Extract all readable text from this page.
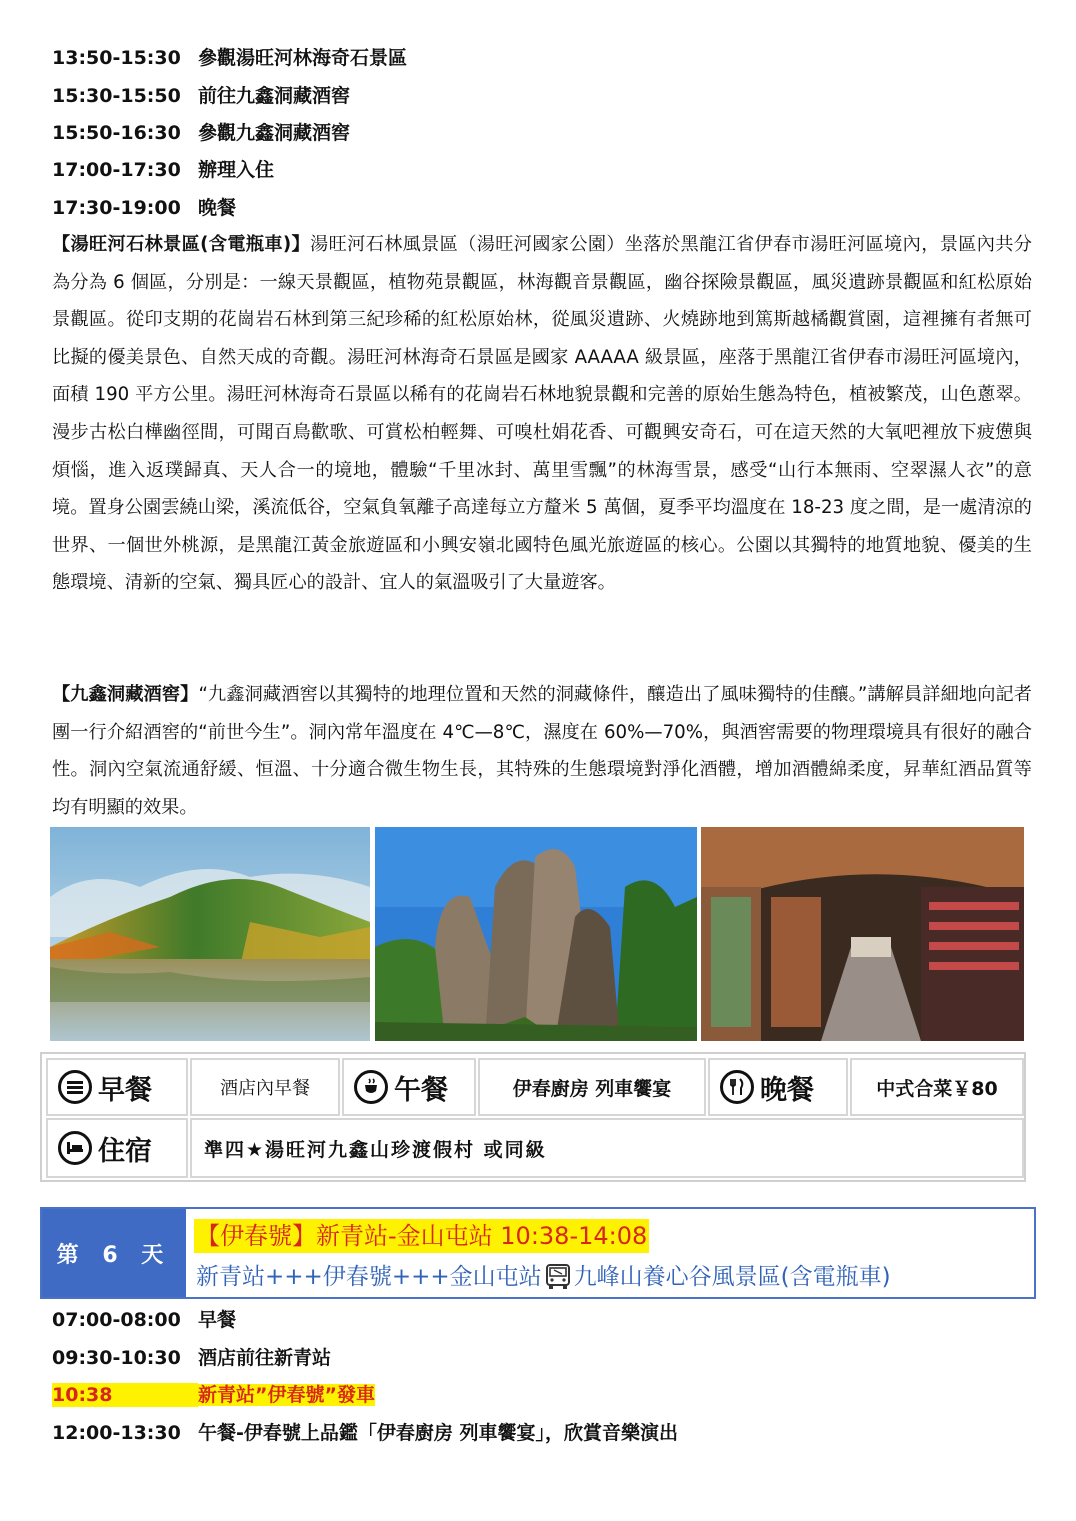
13:50-15:30 參觀湯旺河林海奇石景區
15:30-15:50 前往九鑫洞藏酒窖
15:50-16:30 參觀九鑫洞藏酒窖
17:00-17:30 辦理入住
17:30-19:00 晚餐
【湯旺河石林景區(含電瓶車)】湯旺河石林風景區（湯旺河國家公園）坐落於黑龍江省伊春市湯旺河區境內，景區內共分為分為 6 個區，分別是：一線天景觀區，植物苑景觀區，林海觀音景觀區，幽谷探險景觀區，風災遺跡景觀區和紅松原始景觀區。從印支期的花崗岩石林到第三紀珍稀的紅松原始林，從風災遺跡、火燒跡地到篤斯越橘觀賞園，這裡擁有者無可比擬的優美景色、自然天成的奇觀。湯旺河林海奇石景區是國家 AAAAA 級景區，座落于黑龍江省伊春市湯旺河區境內，面積 190 平方公里。湯旺河林海奇石景區以稀有的花崗岩石林地貌景觀和完善的原始生態為特色，植被繁茂，山色蔥翠。漫步古松白樺幽徑間，可聞百鳥歡歌、可賞松柏輕舞、可嗅杜娟花香、可觀興安奇石，可在這天然的大氧吧裡放下疲憊與煩惱，進入返璞歸真、天人合一的境地，體驗“千里冰封、萬里雪飄”的林海雪景，感受“山行本無雨、空翠濕人衣”的意境。置身公園雲繞山梁，溪流低谷，空氣負氧離子高達每立方釐米 5 萬個，夏季平均溫度在 18-23 度之間，是一處清涼的世界、一個世外桃源，是黑龍江黃金旅遊區和小興安嶺北國特色風光旅遊區的核心。公園以其獨特的地質地貌、優美的生態環境、清新的空氣、獨具匠心的設計、宜人的氣溫吸引了大量遊客。
【九鑫洞藏酒窖】“九鑫洞藏酒窖以其獨特的地理位置和天然的洞藏條件，釀造出了風味獨特的佳釀。”講解員詳細地向記者團一行介紹酒窖的“前世今生”。洞內常年溫度在 4℃—8℃，濕度在 60%—70%，與酒窖需要的物理環境具有很好的融合性。洞內空氣流通舒緩、恒溫、十分適合微生物生長，其特殊的生態環境對淨化酒體，增加酒體綿柔度，昇華紅酒品質等均有明顯的效果。
早餐	酒店內早餐	午餐	伊春廚房 列車饗宴	晚餐	中式合菜￥80
住宿	準四★湯旺河九鑫山珍渡假村 或同級
第 6 天
【伊春號】新青站-金山屯站 10:38-14:08
新青站+++伊春號+++金山屯站 九峰山養心谷風景區(含電瓶車)
07:00-08:00 早餐
09:30-10:30 酒店前往新青站
10:38	新青站”伊春號”發車
12:00-13:30 午餐-伊春號上品鑑「伊春廚房 列車饗宴」，欣賞音樂演出
